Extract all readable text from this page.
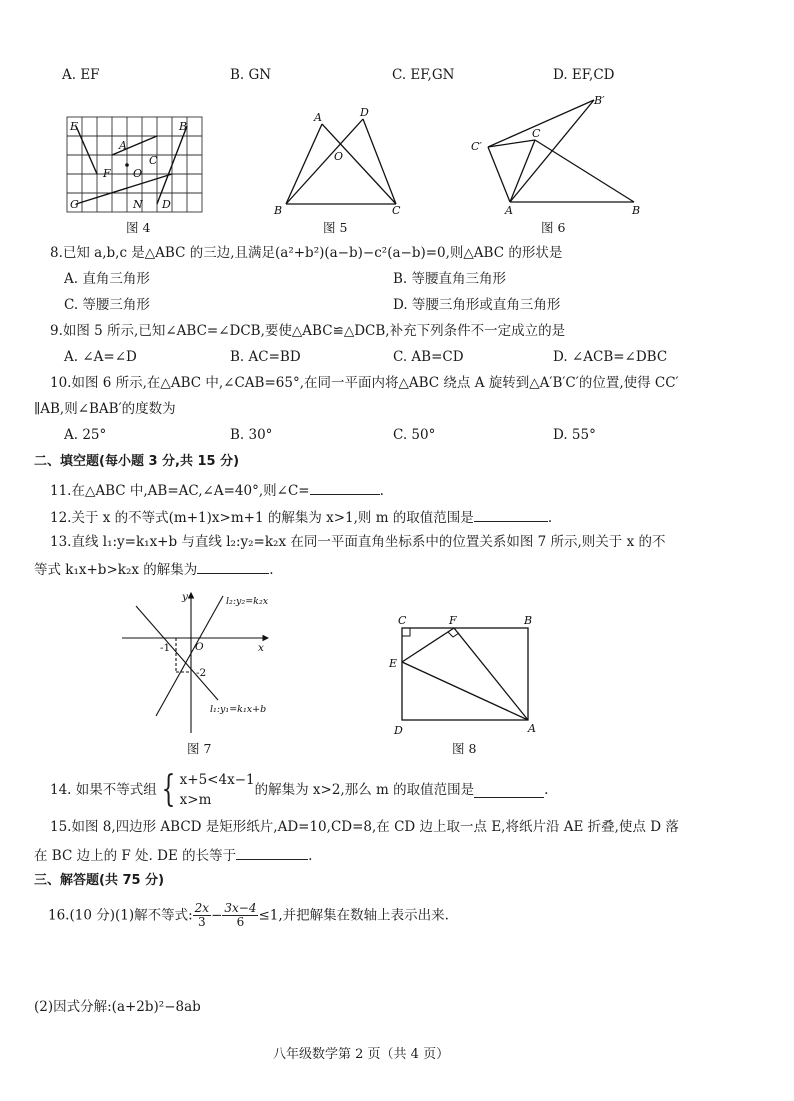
A. EF	B. GN	C. EF,GN	D. EF,CD
E	B
A
C
F O
G	N D
图 4
A	D
O
B	C
图 5
B′
C
C′
A	B
图 6
8.已知 a,b,c 是△ABC 的三边,且满足(a²+b²)(a−b)−c²(a−b)=0,则△ABC 的形状是
A. 直角三角形	B. 等腰直角三角形
C. 等腰三角形	D. 等腰三角形或直角三角形
9.如图 5 所示,已知∠ABC=∠DCB,要使△ABC≌△DCB,补充下列条件不一定成立的是
A. ∠A=∠D	B. AC=BD	C. AB=CD	D. ∠ACB=∠DBC
10.如图 6 所示,在△ABC 中,∠CAB=65°,在同一平面内将△ABC 绕点 A 旋转到△A′B′C′的位置,使得 CC′
∥AB,则∠BAB′的度数为
A. 25°	B. 30°	C. 50°	D. 55°
二、填空题(每小题 3 分,共 15 分)
11.在△ABC 中,AB=AC,∠A=40°,则∠C=	.
12.关于 x 的不等式(m+1)x>m+1 的解集为 x>1,则 m 的取值范围是	.
13.直线 l₁:y=k₁x+b 与直线 l₂:y₂=k₂x 在同一平面直角坐标系中的位置关系如图 7 所示,则关于 x 的不
等式 k₁x+b>k₂x 的解集为	.
y
x
O
-1
-2
l₂:y₂=k₂x
l₁:y₁=k₁x+b
图 7
C	F	B
E
D	A
图 8
14. 如果不等式组 { x+5<4x−1
x>m
的解集为 x>2,那么 m 的取值范围是	.
15.如图 8,四边形 ABCD 是矩形纸片,AD=10,CD=8,在 CD 边上取一点 E,将纸片沿 AE 折叠,使点 D 落
在 BC 边上的 F 处. DE 的长等于	.
三、解答题(共 75 分)
16.(10 分)(1)解不等式: $\frac{2x}{3} - \frac{3x-4}{6} \le 1$,并把解集在数轴上表示出来.
(2)因式分解:(a+2b)²−8ab
八年级数学第 2 页（共 4 页）
